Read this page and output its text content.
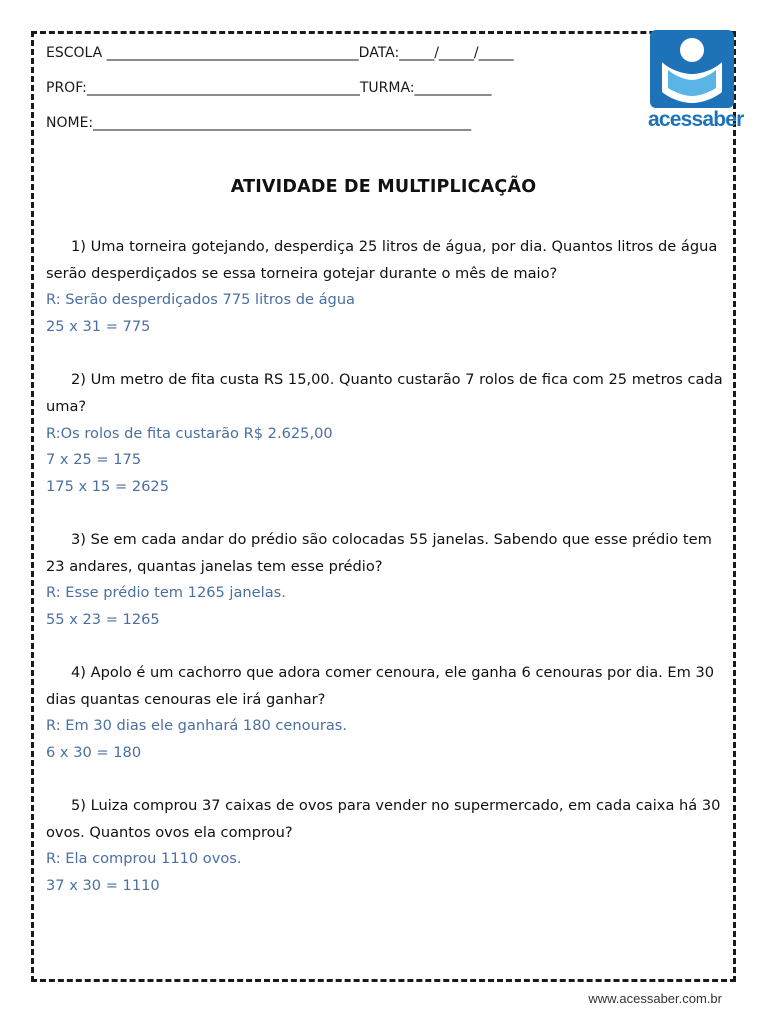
ESCOLA ____________________________________DATA:_____/_____/_____
PROF:_______________________________________TURMA:___________
NOME:______________________________________________________	acessaber
ATIVIDADE DE MULTIPLICAÇÃO
1) Uma torneira gotejando, desperdiça 25 litros de água, por dia. Quantos litros de água serão desperdiçados se essa torneira gotejar durante o mês de maio?
R: Serão desperdiçados 775 litros de água
25 x 31 = 775
2) Um metro de fita custa RS 15,00. Quanto custarão 7 rolos de fica com 25 metros cada uma?
R:Os rolos de fita custarão R$ 2.625,00
7 x 25 = 175
175 x 15 = 2625
3) Se em cada andar do prédio são colocadas 55 janelas. Sabendo que esse prédio tem 23 andares, quantas janelas tem esse prédio?
R: Esse prédio tem 1265 janelas.
55 x 23 = 1265
4) Apolo é um cachorro que adora comer cenoura, ele ganha 6 cenouras por dia. Em 30 dias quantas cenouras ele irá ganhar?
R: Em 30 dias ele ganhará 180 cenouras.
6 x 30 = 180
5) Luiza comprou 37 caixas de ovos para vender no supermercado, em cada caixa há 30 ovos. Quantos ovos ela comprou?
R: Ela comprou 1110 ovos.
37 x 30 = 1110
www.acessaber.com.br
